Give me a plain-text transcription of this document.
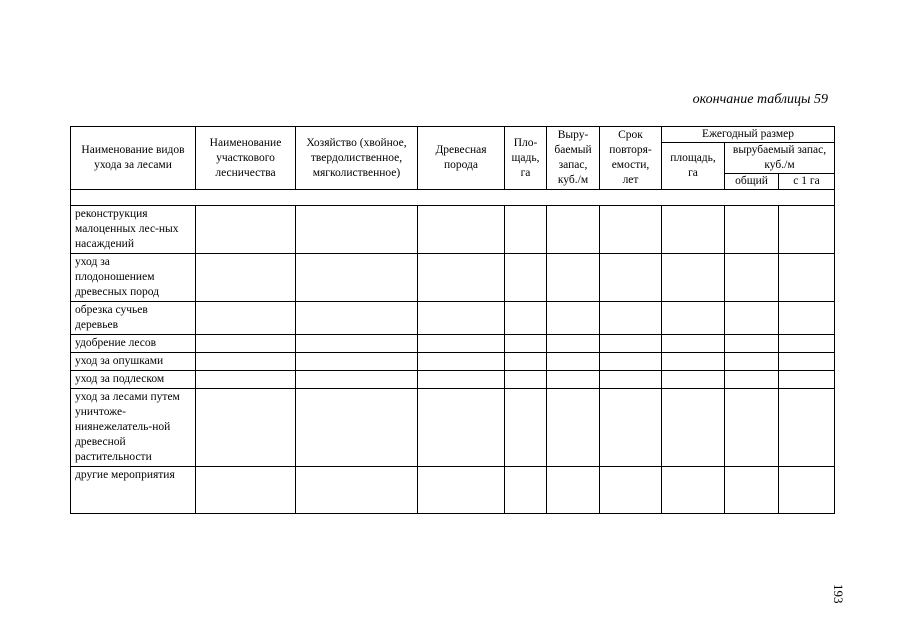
окончание таблицы 59
Наименование видов ухода за лесами	Наименование участкового лесничества	Хозяйство (хвойное, твердолиственное, мягколиственное)	Древесная порода	Пло-щадь, га	Выру-баемый запас, куб./м	Срок повторя-емости, лет	Ежегодный размер		
							площадь, га	вырубаемый запас, куб./м	
								общий	с 1 га

реконструкция малоценных лес-ных насаждений									
уход за плодоношением древесных пород									
обрезка сучьев деревьев									
удобрение лесов									
уход за опушками									
уход за подлеском									
уход за лесами путем уничтоже-ниянежелатель-ной древесной растительности									
другие мероприятия									
193
